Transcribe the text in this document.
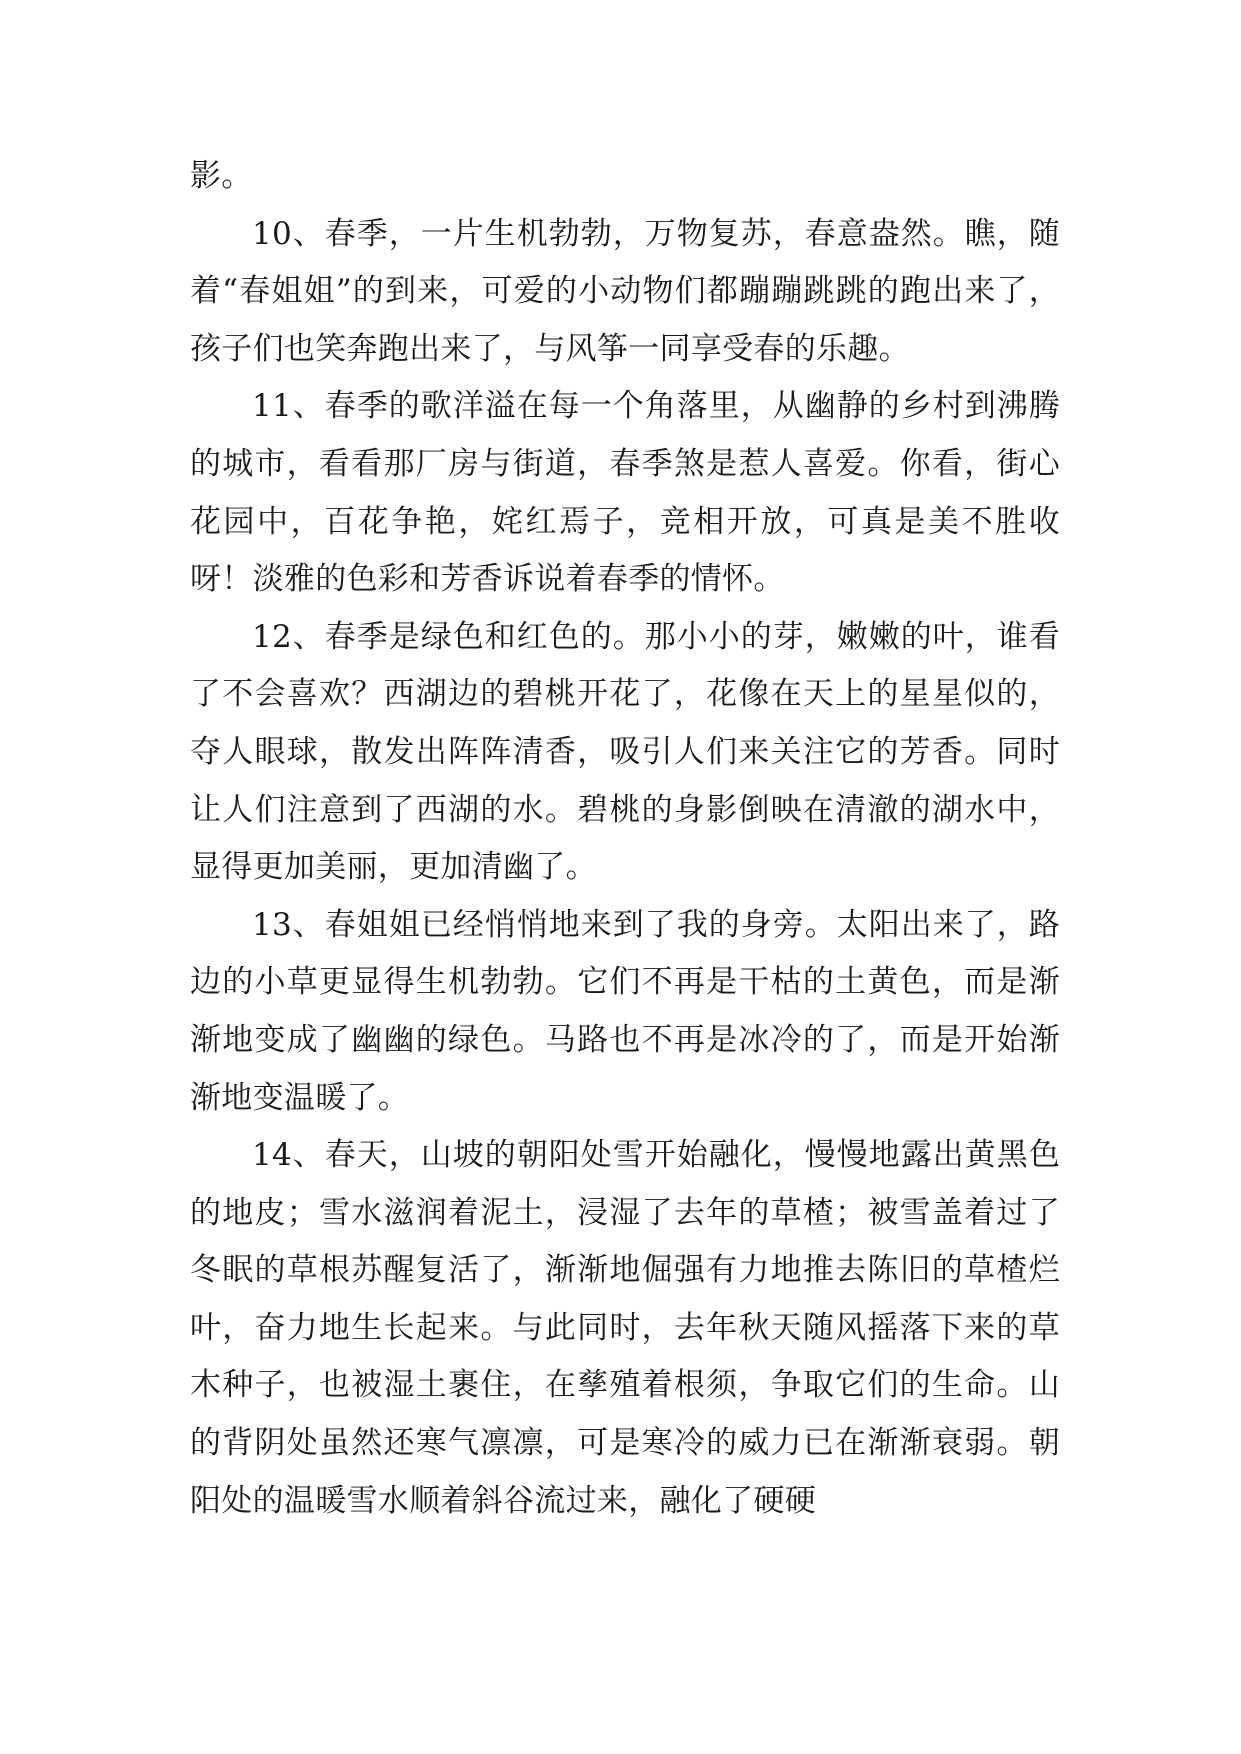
影。

10、春季，一片生机勃勃，万物复苏，春意盎然。瞧，随着“春姐姐”的到来，可爱的小动物们都蹦蹦跳跳的跑出来了，孩子们也笑奔跑出来了，与风筝一同享受春的乐趣。

11、春季的歌洋溢在每一个角落里，从幽静的乡村到沸腾的城市，看看那厂房与街道，春季煞是惹人喜爱。你看，街心花园中，百花争艳，姹红焉子，竞相开放，可真是美不胜收呀！淡雅的色彩和芳香诉说着春季的情怀。

12、春季是绿色和红色的。那小小的芽，嫩嫩的叶，谁看了不会喜欢？西湖边的碧桃开花了，花像在天上的星星似的，夺人眼球，散发出阵阵清香，吸引人们来关注它的芳香。同时让人们注意到了西湖的水。碧桃的身影倒映在清澈的湖水中，显得更加美丽，更加清幽了。

13、春姐姐已经悄悄地来到了我的身旁。太阳出来了，路边的小草更显得生机勃勃。它们不再是干枯的土黄色，而是渐渐地变成了幽幽的绿色。马路也不再是冰冷的了，而是开始渐渐地变温暖了。

14、春天，山坡的朝阳处雪开始融化，慢慢地露出黄黑色的地皮；雪水滋润着泥土，浸湿了去年的草楂；被雪盖着过了冬眠的草根苏醒复活了，渐渐地倔强有力地推去陈旧的草楂烂叶，奋力地生长起来。与此同时，去年秋天随风摇落下来的草木种子，也被湿土裹住，在孳殖着根须，争取它们的生命。山的背阴处虽然还寒气凛凛，可是寒冷的威力已在渐渐衰弱。朝阳处的温暖雪水顺着斜谷流过来，融化了硬硬
